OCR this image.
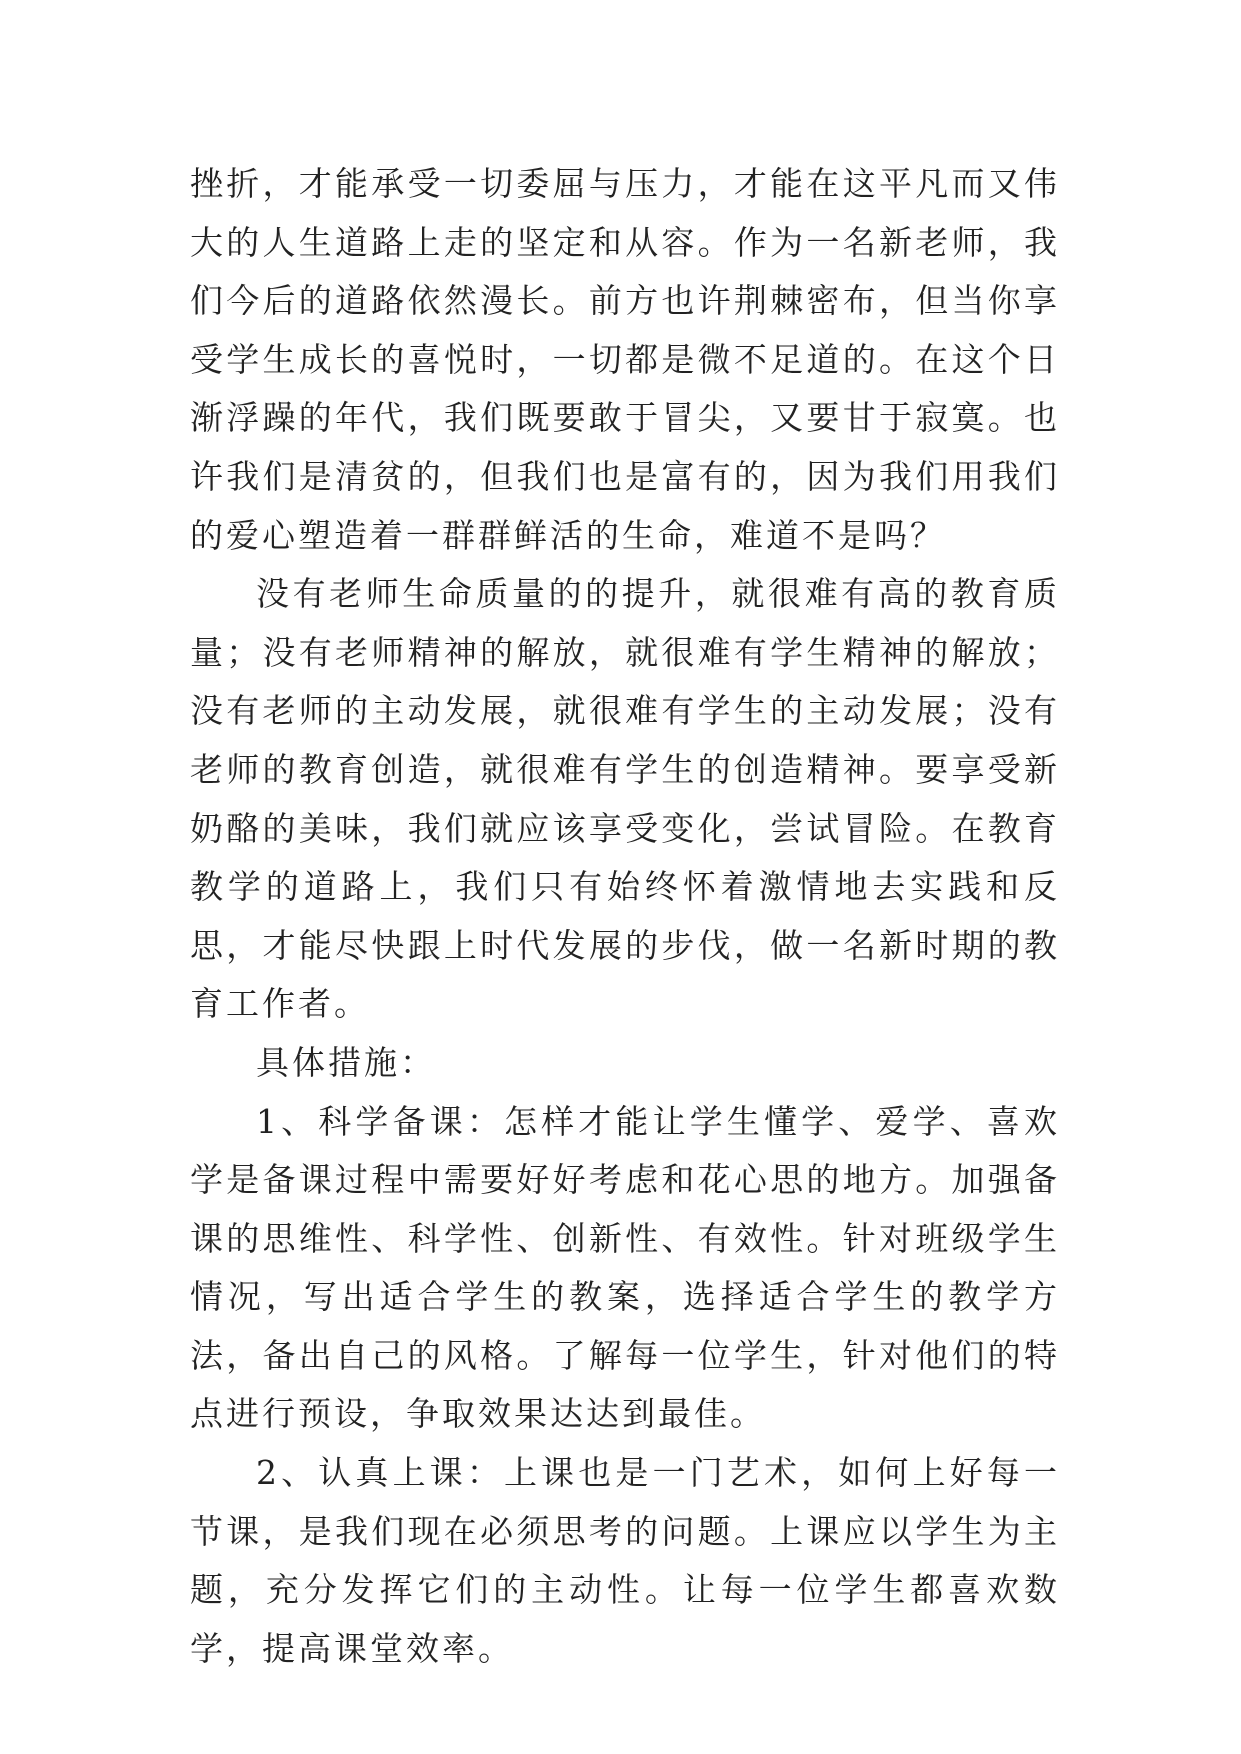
挫折，才能承受一切委屈与压力，才能在这平凡而又伟大的人生道路上走的坚定和从容。作为一名新老师，我们今后的道路依然漫长。前方也许荆棘密布，但当你享受学生成长的喜悦时，一切都是微不足道的。在这个日渐浮躁的年代，我们既要敢于冒尖，又要甘于寂寞。也许我们是清贫的，但我们也是富有的，因为我们用我们的爱心塑造着一群群鲜活的生命，难道不是吗？

没有老师生命质量的的提升，就很难有高的教育质量；没有老师精神的解放，就很难有学生精神的解放；没有老师的主动发展，就很难有学生的主动发展；没有老师的教育创造，就很难有学生的创造精神。要享受新奶酪的美味，我们就应该享受变化，尝试冒险。在教育教学的道路上，我们只有始终怀着激情地去实践和反思，才能尽快跟上时代发展的步伐，做一名新时期的教育工作者。

具体措施：

1、科学备课：怎样才能让学生懂学、爱学、喜欢学是备课过程中需要好好考虑和花心思的地方。加强备课的思维性、科学性、创新性、有效性。针对班级学生情况，写出适合学生的教案，选择适合学生的教学方法，备出自己的风格。了解每一位学生，针对他们的特点进行预设，争取效果达达到最佳。

2、认真上课：上课也是一门艺术，如何上好每一节课，是我们现在必须思考的问题。上课应以学生为主题，充分发挥它们的主动性。让每一位学生都喜欢数学，提高课堂效率。
